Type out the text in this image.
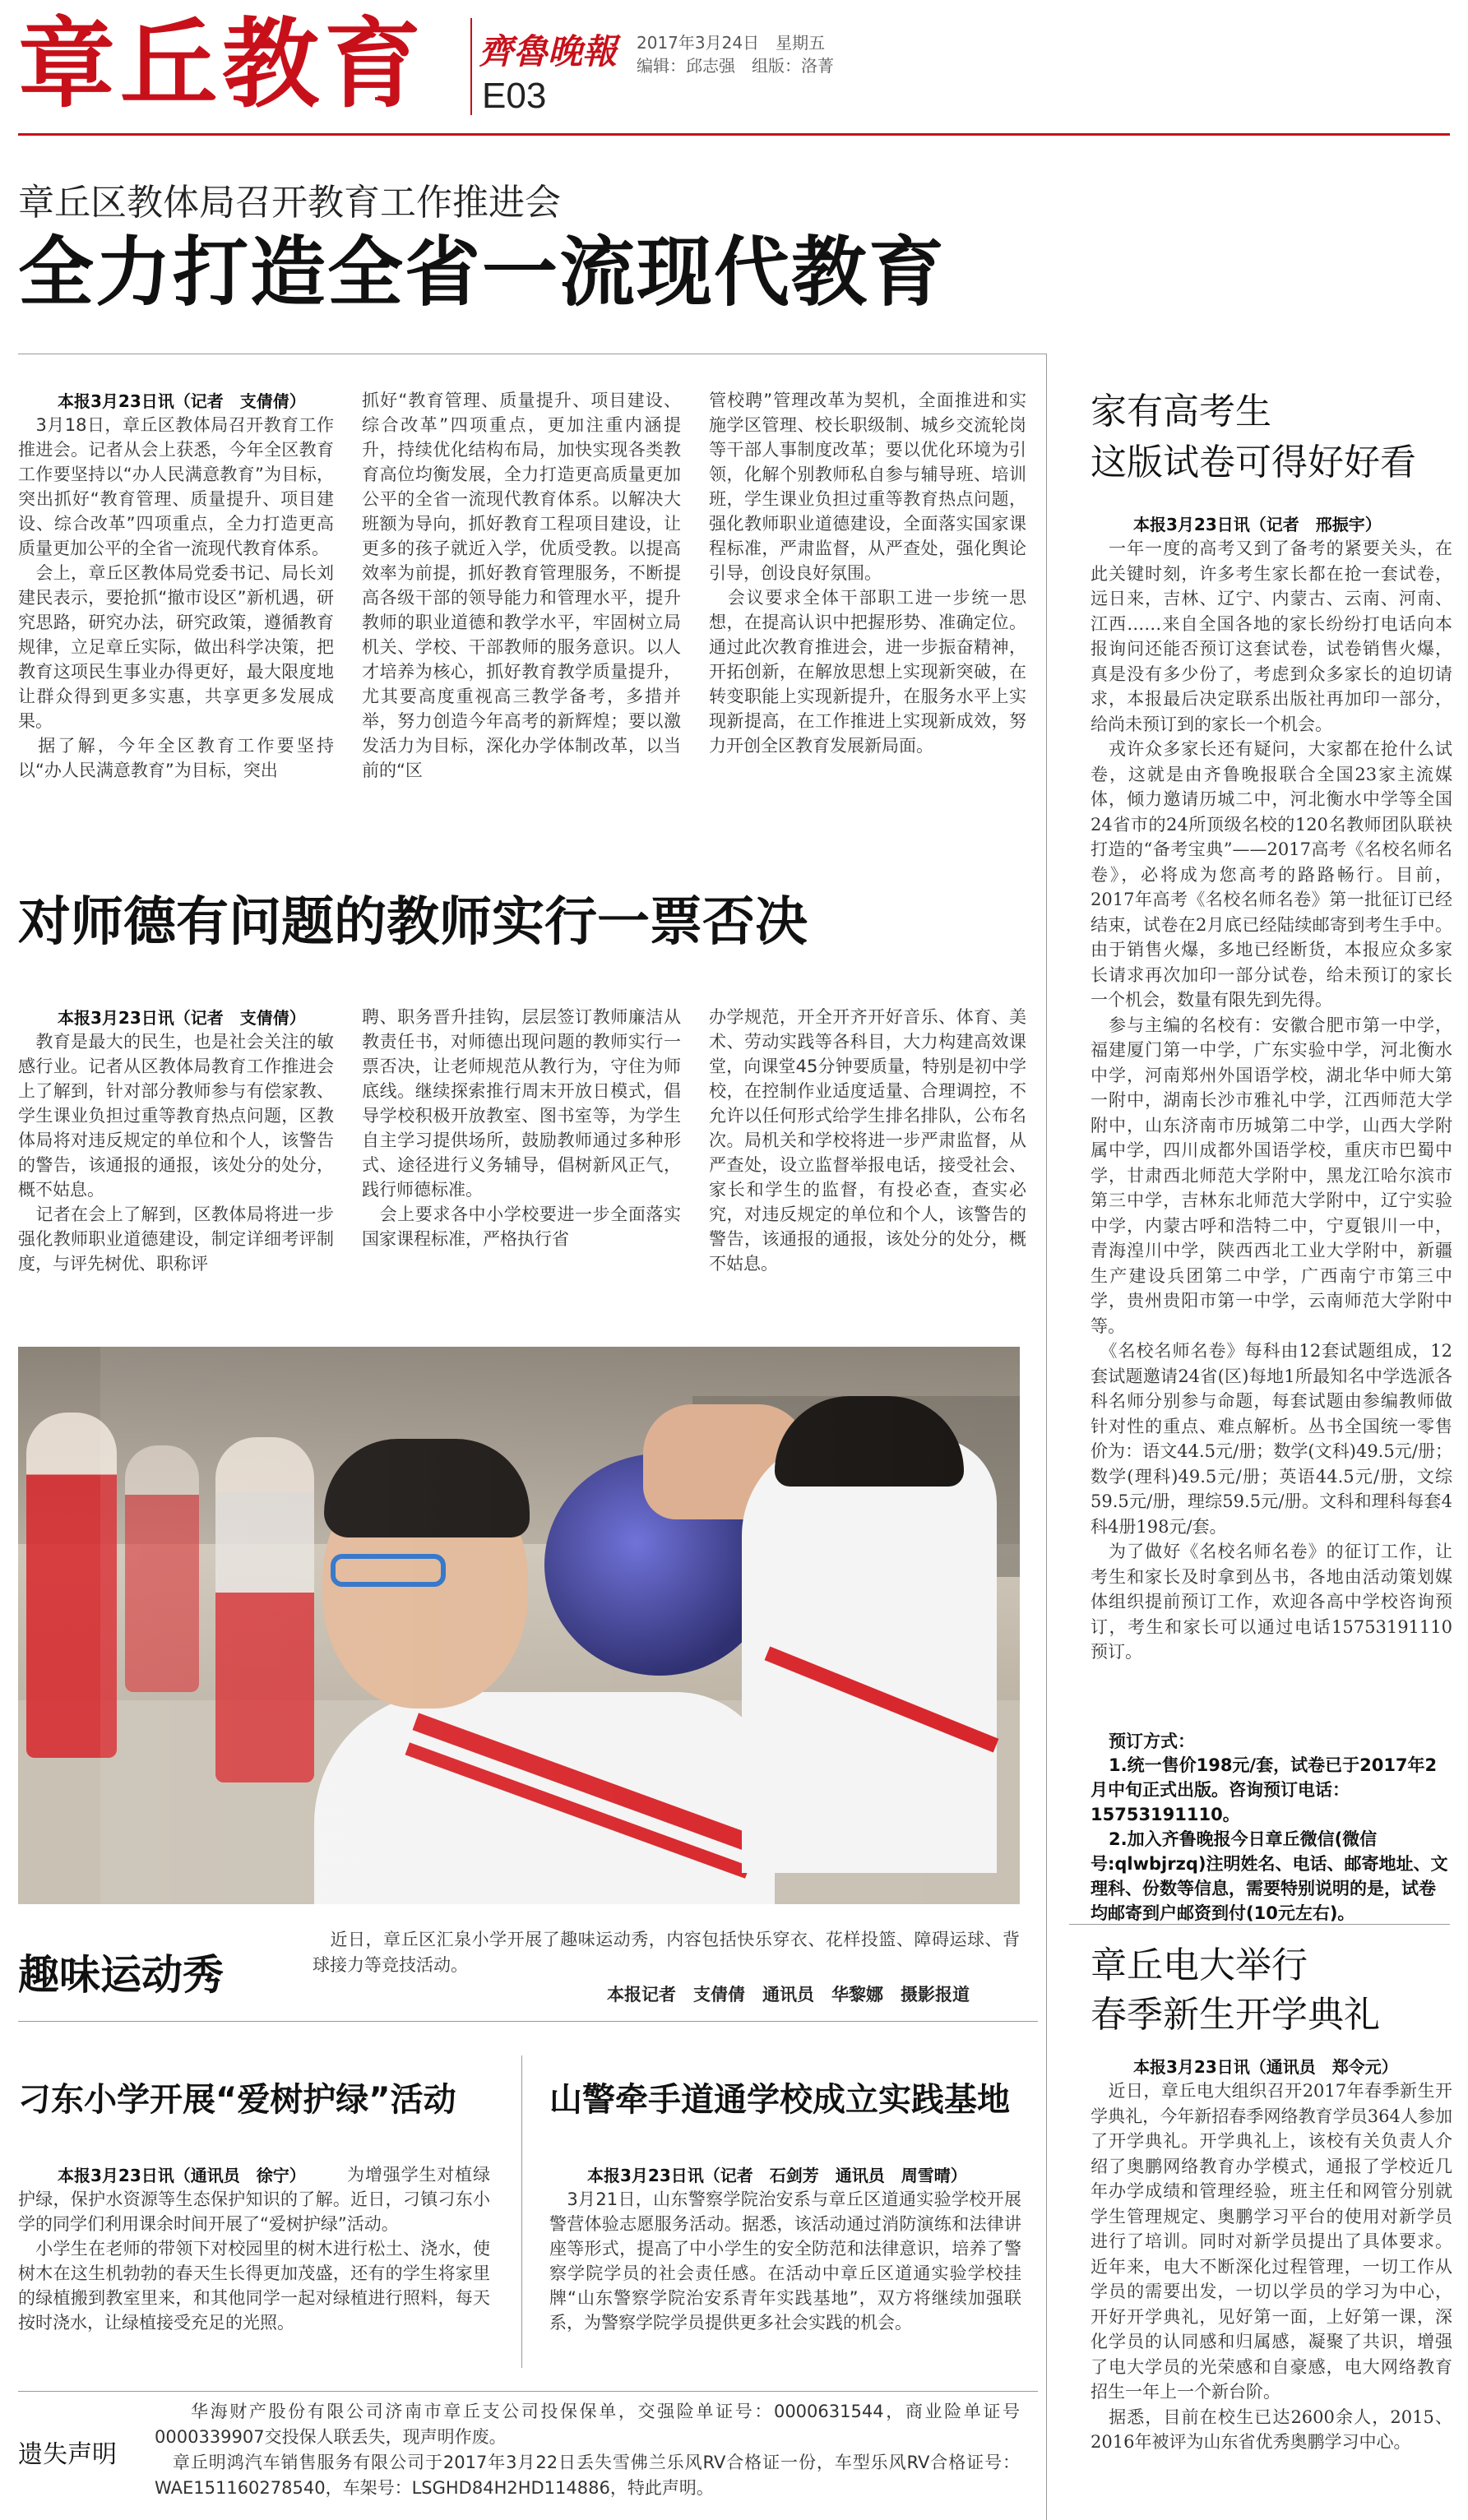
章丘教育 齊魯晚報
E03
2017年3月24日　星期五
编辑：邱志强　组版：洛菁
章丘区教体局召开教育工作推进会
全力打造全省一流现代教育
本报3月23日讯（记者　支倩倩）
　3月18日，章丘区教体局召开教育工作推进会。记者从会上获悉，今年全区教育工作要坚持以“办人民满意教育”为目标，突出抓好“教育管理、质量提升、项目建设、综合改革”四项重点，全力打造更高质量更加公平的全省一流现代教育体系。
　会上，章丘区教体局党委书记、局长刘建民表示，要抢抓“撤市设区”新机遇，研究思路，研究办法，研究政策，遵循教育规律，立足章丘实际，做出科学决策，把教育这项民生事业办得更好，最大限度地让群众得到更多实惠，共享更多发展成果。
　据了解，今年全区教育工作要坚持以“办人民满意教育”为目标，突出
抓好“教育管理、质量提升、项目建设、综合改革”四项重点，更加注重内涵提升，持续优化结构布局，加快实现各类教育高位均衡发展，全力打造更高质量更加公平的全省一流现代教育体系。以解决大班额为导向，抓好教育工程项目建设，让更多的孩子就近入学，优质受教。以提高效率为前提，抓好教育管理服务，不断提高各级干部的领导能力和管理水平，提升教师的职业道德和教学水平，牢固树立局机关、学校、干部教师的服务意识。以人才培养为核心，抓好教育教学质量提升，尤其要高度重视高三教学备考，多措并举，努力创造今年高考的新辉煌；要以激发活力为目标，深化办学体制改革，以当前的“区
管校聘”管理改革为契机，全面推进和实施学区管理、校长职级制、城乡交流轮岗等干部人事制度改革；要以优化环境为引领，化解个别教师私自参与辅导班、培训班，学生课业负担过重等教育热点问题，强化教师职业道德建设，全面落实国家课程标准，严肃监督，从严查处，强化舆论引导，创设良好氛围。
　会议要求全体干部职工进一步统一思想，在提高认识中把握形势、准确定位。通过此次教育推进会，进一步振奋精神，开拓创新，在解放思想上实现新突破，在转变职能上实现新提升，在服务水平上实现新提高，在工作推进上实现新成效，努力开创全区教育发展新局面。
对师德有问题的教师实行一票否决
本报3月23日讯（记者　支倩倩）
　教育是最大的民生，也是社会关注的敏感行业。记者从区教体局教育工作推进会上了解到，针对部分教师参与有偿家教、学生课业负担过重等教育热点问题，区教体局将对违反规定的单位和个人，该警告的警告，该通报的通报，该处分的处分，概不姑息。
　记者在会上了解到，区教体局将进一步强化教师职业道德建设，制定详细考评制度，与评先树优、职称评
聘、职务晋升挂钩，层层签订教师廉洁从教责任书，对师德出现问题的教师实行一票否决，让老师规范从教行为，守住为师底线。继续探索推行周末开放日模式，倡导学校积极开放教室、图书室等，为学生自主学习提供场所，鼓励教师通过多种形式、途径进行义务辅导，倡树新风正气，践行师德标准。
　会上要求各中小学校要进一步全面落实国家课程标准，严格执行省
办学规范，开全开齐开好音乐、体育、美术、劳动实践等各科目，大力构建高效课堂，向课堂45分钟要质量，特别是初中学校，在控制作业适度适量、合理调控，不允许以任何形式给学生排名排队，公布名次。局机关和学校将进一步严肃监督，从严查处，设立监督举报电话，接受社会、家长和学生的监督，有投必查，查实必究，对违反规定的单位和个人，该警告的警告，该通报的通报，该处分的处分，概不姑息。
趣味运动秀
　近日，章丘区汇泉小学开展了趣味运动秀，内容包括快乐穿衣、花样投篮、障碍运球、背球接力等竞技活动。
本报记者　支倩倩　通讯员　华黎娜　摄影报道
刁东小学开展“爱树护绿”活动
本报3月23日讯（通讯员　徐宁）	为增强学生对植绿护绿，保护水资源等生态保护知识的了解。近日，刁镇刁东小学的同学们利用课余时间开展了“爱树护绿”活动。
　小学生在老师的带领下对校园里的树木进行松土、浇水，使树木在这生机勃勃的春天生长得更加茂盛，还有的学生将家里的绿植搬到教室里来，和其他同学一起对绿植进行照料，每天按时浇水，让绿植接受充足的光照。
山警牵手道通学校成立实践基地
本报3月23日讯（记者　石剑芳　通讯员　周雪晴）
　3月21日，山东警察学院治安系与章丘区道通实验学校开展警营体验志愿服务活动。据悉，该活动通过消防演练和法律讲座等形式，提高了中小学生的安全防范和法律意识，培养了警察学院学员的社会责任感。在活动中章丘区道通实验学校挂牌“山东警察学院治安系青年实践基地”，双方将继续加强联系，为警察学院学员提供更多社会实践的机会。
遗失声明
华海财产股份有限公司济南市章丘支公司投保保单，交强险单证号：0000631544，商业险单证号0000339907交投保人联丢失，现声明作废。
　章丘明鸿汽车销售服务有限公司于2017年3月22日丢失雪佛兰乐风RV合格证一份，车型乐风RV合格证号：WAE151160278540，车架号：LSGHD84H2HD114886，特此声明。
家有高考生
这版试卷可得好好看
本报3月23日讯（记者　邢振宇）
　一年一度的高考又到了备考的紧要关头，在此关键时刻，许多考生家长都在抢一套试卷，远日来，吉林、辽宁、内蒙古、云南、河南、江西……来自全国各地的家长纷纷打电话向本报询问还能否预订这套试卷，试卷销售火爆，真是没有多少份了，考虑到众多家长的迫切请求，本报最后决定联系出版社再加印一部分，给尚未预订到的家长一个机会。
　戎许众多家长还有疑问，大家都在抢什么试卷，这就是由齐鲁晚报联合全国23家主流媒体，倾力邀请历城二中，河北衡水中学等全国24省市的24所顶级名校的120名教师团队联袂打造的“备考宝典”——2017高考《名校名师名卷》，必将成为您高考的路路畅行。目前，2017年高考《名校名师名卷》第一批征订已经结束，试卷在2月底已经陆续邮寄到考生手中。由于销售火爆，多地已经断货，本报应众多家长请求再次加印一部分试卷，给未预订的家长一个机会，数量有限先到先得。
　参与主编的名校有：安徽合肥市第一中学，福建厦门第一中学，广东实验中学，河北衡水中学，河南郑州外国语学校，湖北华中师大第一附中，湖南长沙市雅礼中学，江西师范大学附中，山东济南市历城第二中学，山西大学附属中学，四川成都外国语学校，重庆市巴蜀中学，甘肃西北师范大学附中，黑龙江哈尔滨市第三中学，吉林东北师范大学附中，辽宁实验中学，内蒙古呼和浩特二中，宁夏银川一中，青海湟川中学，陕西西北工业大学附中，新疆生产建设兵团第二中学，广西南宁市第三中学，贵州贵阳市第一中学，云南师范大学附中等。
　《名校名师名卷》每科由12套试题组成，12套试题邀请24省(区)每地1所最知名中学选派各科名师分别参与命题，每套试题由参编教师做针对性的重点、难点解析。丛书全国统一零售价为：语文44.5元/册；数学(文科)49.5元/册；数学(理科)49.5元/册；英语44.5元/册，文综59.5元/册，理综59.5元/册。文科和理科每套4科4册198元/套。
　为了做好《名校名师名卷》的征订工作，让考生和家长及时拿到丛书，各地由活动策划媒体组织提前预订工作，欢迎各高中学校咨询预订，考生和家长可以通过电话15753191110预订。
预订方式：
1.统一售价198元/套，试卷已于2017年2月中旬正式出版。咨询预订电话：15753191110。
2.加入齐鲁晚报今日章丘微信(微信号:qlwbjrzq)注明姓名、电话、邮寄地址、文理科、份数等信息，需要特别说明的是，试卷均邮寄到户邮资到付(10元左右)。
章丘电大举行
春季新生开学典礼
本报3月23日讯（通讯员　郑令元）
　近日，章丘电大组织召开2017年春季新生开学典礼，今年新招春季网络教育学员364人参加了开学典礼。开学典礼上，该校有关负责人介绍了奥鹏网络教育办学模式，通报了学校近几年办学成绩和管理经验，班主任和网管分别就学生管理规定、奥鹏学习平台的使用对新学员进行了培训。同时对新学员提出了具体要求。近年来，电大不断深化过程管理，一切工作从学员的需要出发，一切以学员的学习为中心，开好开学典礼，见好第一面，上好第一课，深化学员的认同感和归属感，凝聚了共识，增强了电大学员的光荣感和自豪感，电大网络教育招生一年上一个新台阶。
　据悉，目前在校生已达2600余人，2015、2016年被评为山东省优秀奥鹏学习中心。
